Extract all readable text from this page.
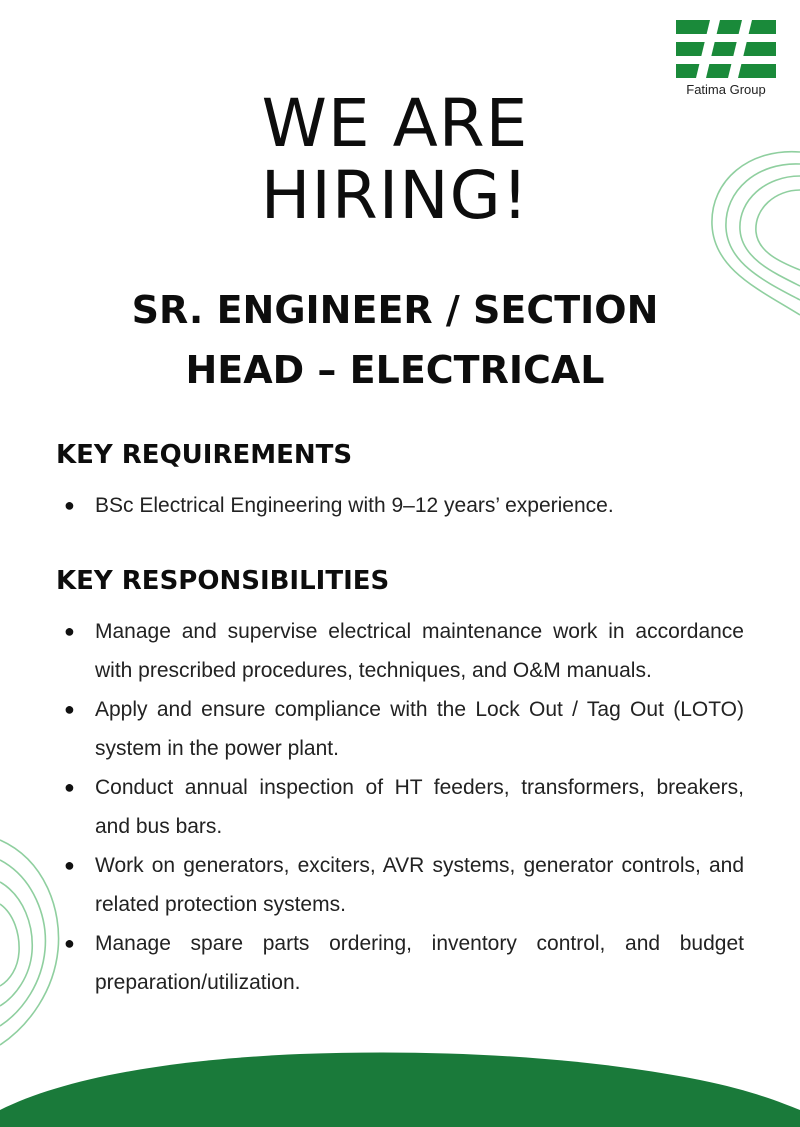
Fatima Group
WE ARE
HIRING!
SR. ENGINEER / SECTION
HEAD – ELECTRICAL
KEY REQUIREMENTS
● BSc Electrical Engineering with 9–12 years’ experience.
KEY RESPONSIBILITIES
● Manage and supervise electrical maintenance work in accordance with prescribed procedures, techniques, and O&M manuals.
● Apply and ensure compliance with the Lock Out / Tag Out (LOTO) system in the power plant.
● Conduct annual inspection of HT feeders, transformers, breakers, and bus bars.
● Work on generators, exciters, AVR systems, generator controls, and related protection systems.
● Manage spare parts ordering, inventory control, and budget preparation/utilization.
